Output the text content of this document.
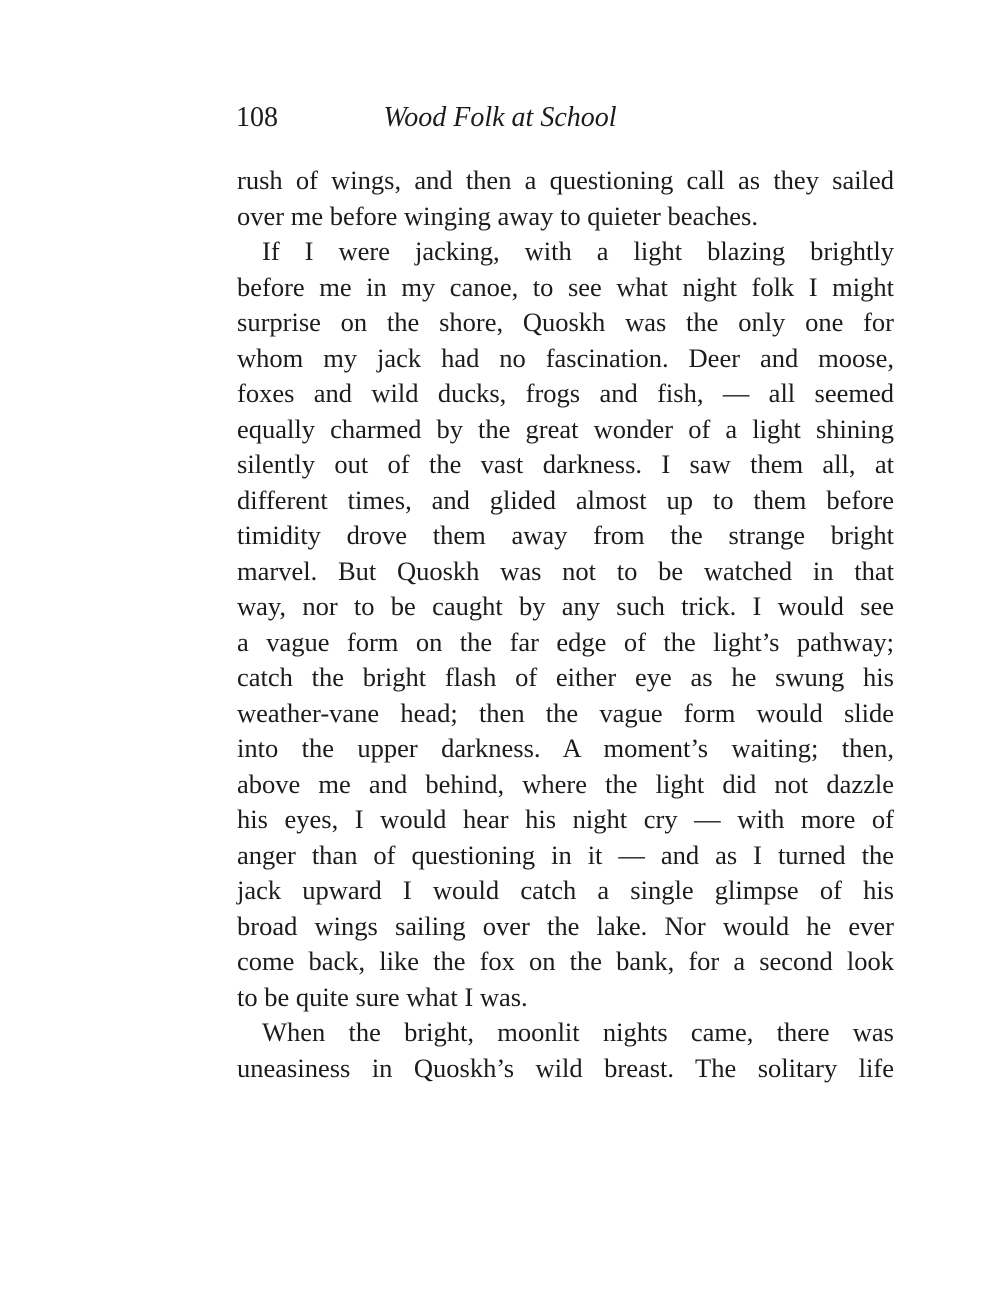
108	Wood Folk at School
rush of wings, and then a questioning call as they sailed
over me before winging away to quieter beaches.
If I were jacking, with a light blazing brightly
before me in my canoe, to see what night folk I might
surprise on the shore, Quoskh was the only one for
whom my jack had no fascination. Deer and moose,
foxes and wild ducks, frogs and fish, — all seemed
equally charmed by the great wonder of a light shining
silently out of the vast darkness. I saw them all, at
different times, and glided almost up to them before
timidity drove them away from the strange bright
marvel. But Quoskh was not to be watched in that
way, nor to be caught by any such trick. I would see
a vague form on the far edge of the light’s pathway;
catch the bright flash of either eye as he swung his
weather-vane head; then the vague form would slide
into the upper darkness. A moment’s waiting; then,
above me and behind, where the light did not dazzle
his eyes, I would hear his night cry — with more of
anger than of questioning in it — and as I turned the
jack upward I would catch a single glimpse of his
broad wings sailing over the lake. Nor would he ever
come back, like the fox on the bank, for a second look
to be quite sure what I was.
When the bright, moonlit nights came, there was
uneasiness in Quoskh’s wild breast. The solitary life
